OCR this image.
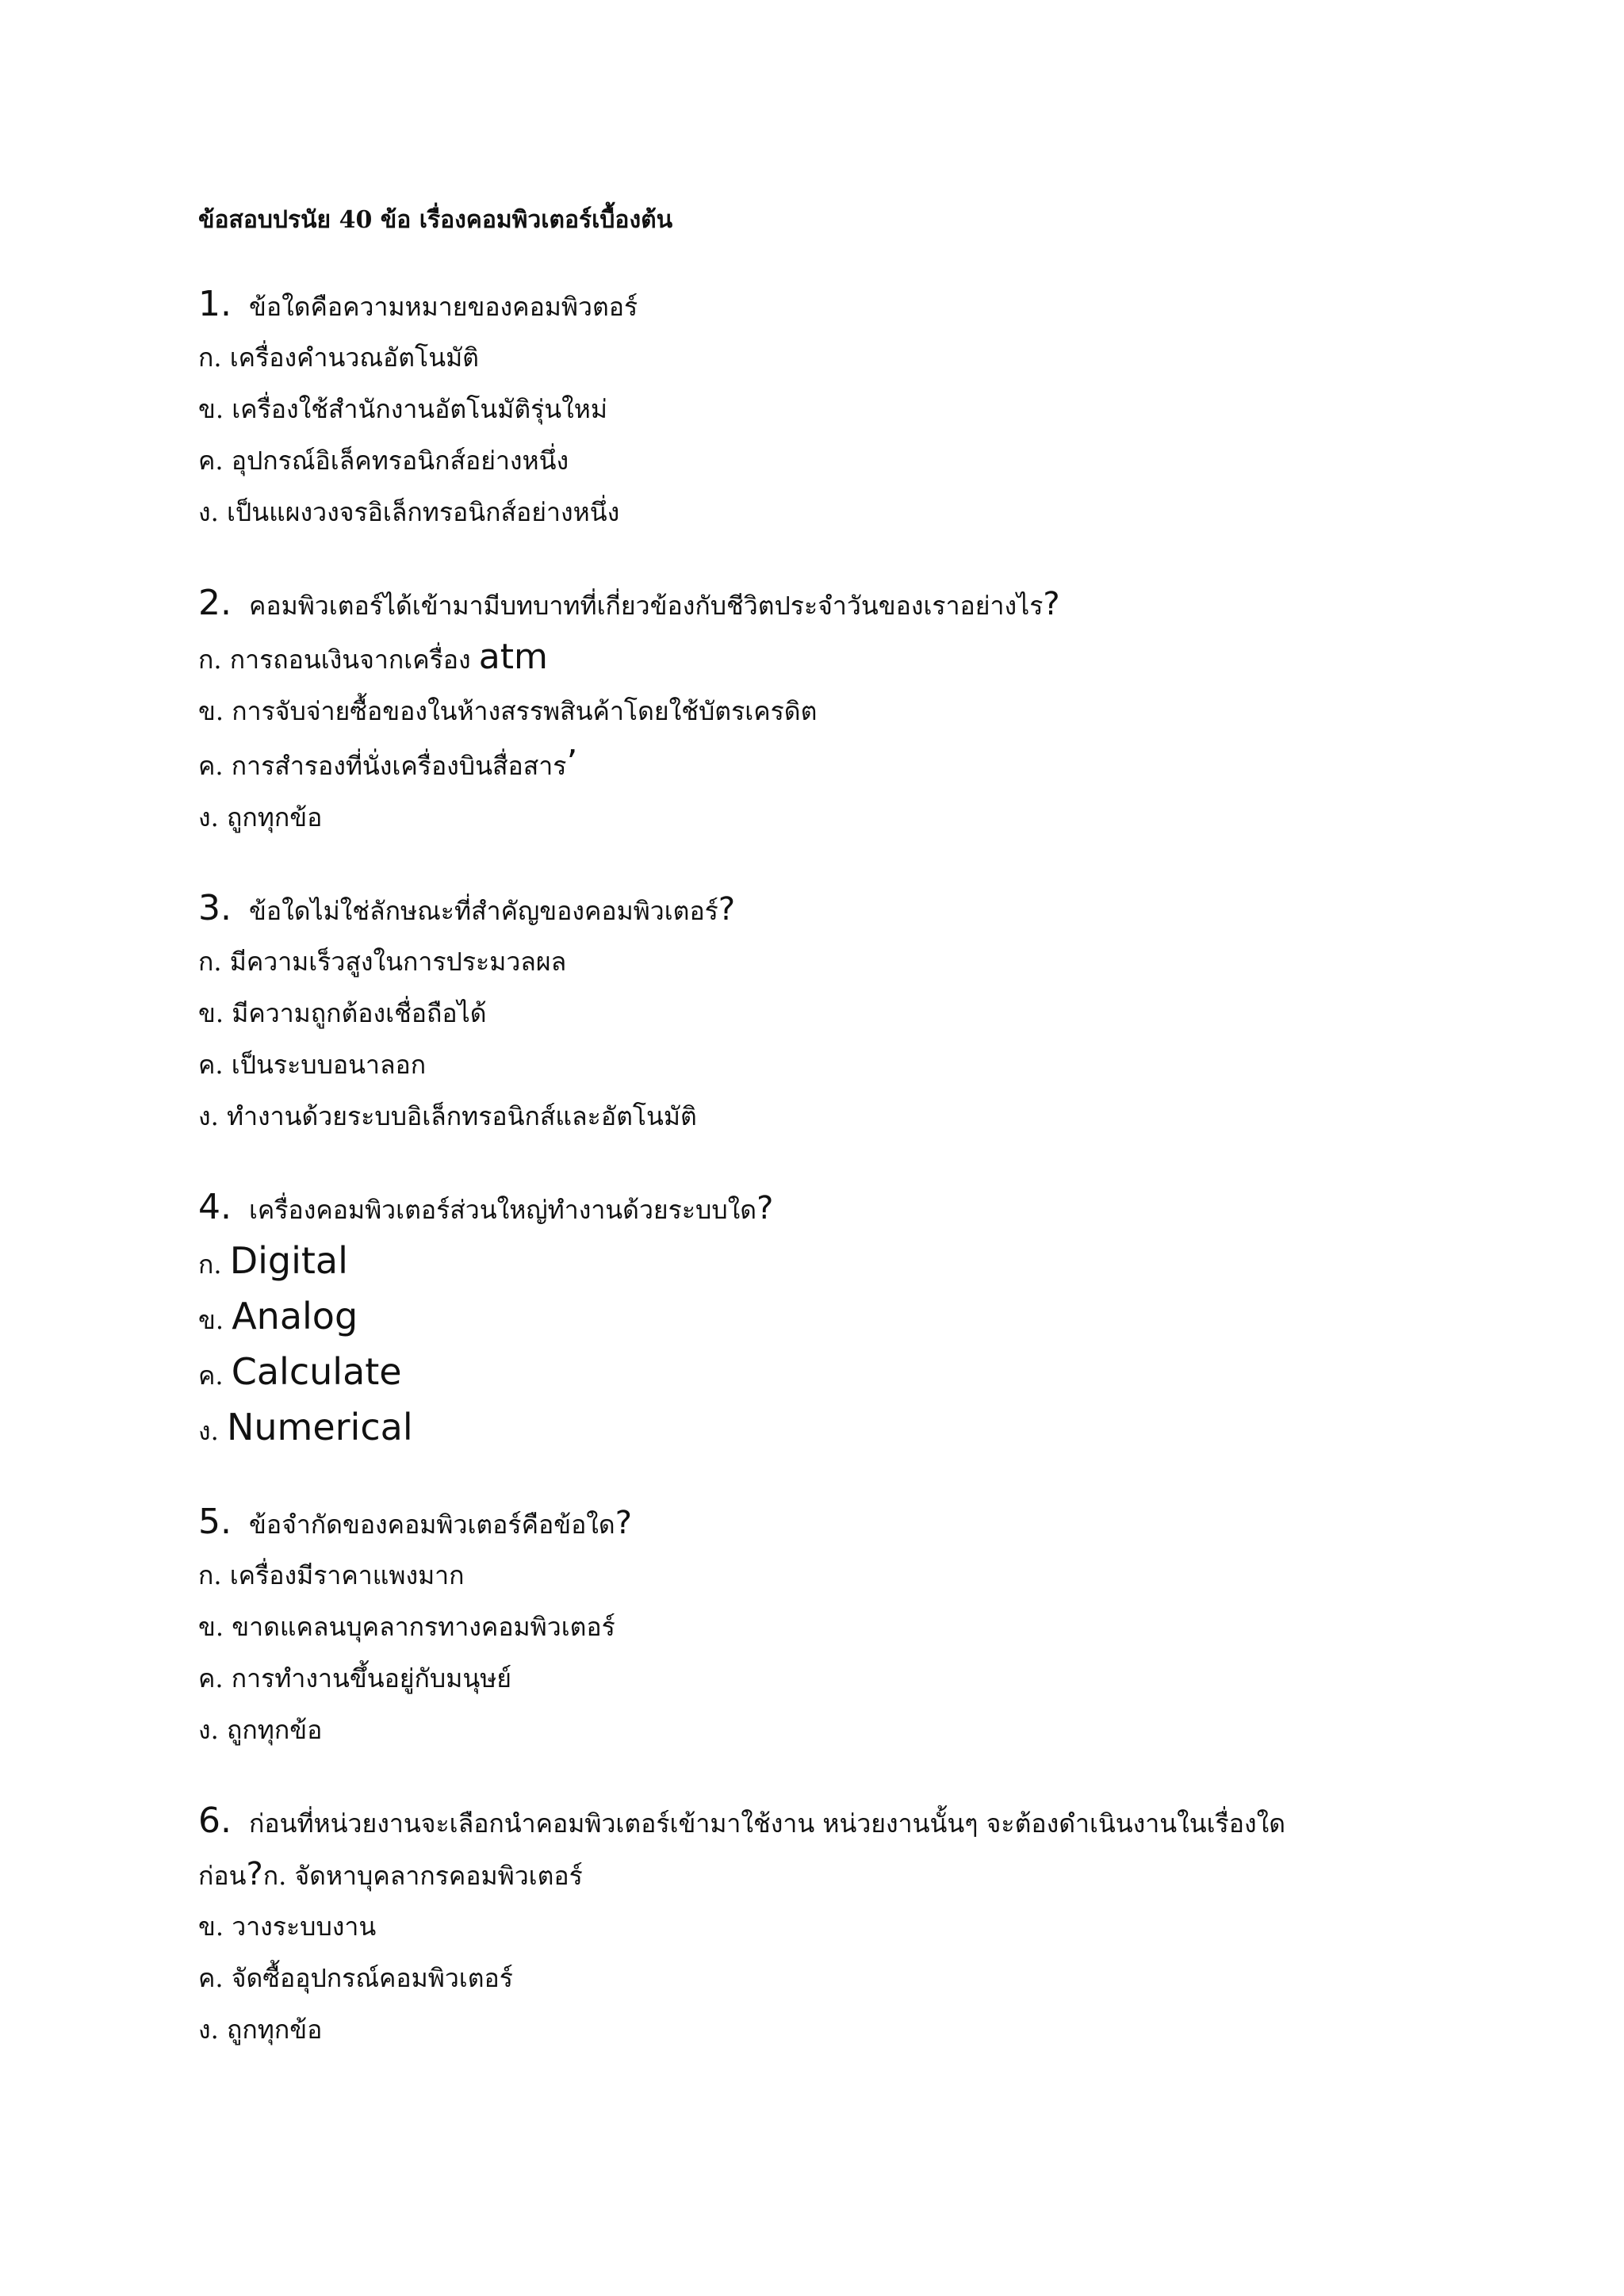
ข้อสอบปรนัย 40 ข้อ เรื่องคอมพิวเตอร์เบื้องต้น
1. ข้อใดคือความหมายของคอมพิวตอร์
ก. เครื่องคำนวณอัตโนมัติ
ข. เครื่องใช้สำนักงานอัตโนมัติรุ่นใหม่
ค. อุปกรณ์อิเล็คทรอนิกส์อย่างหนึ่ง
ง. เป็นแผงวงจรอิเล็กทรอนิกส์อย่างหนึ่ง
2. คอมพิวเตอร์ได้เข้ามามีบทบาทที่เกี่ยวข้องกับชีวิตประจำวันของเราอย่างไร?
ก. การถอนเงินจากเครื่อง atm
ข. การจับจ่ายซื้อของในห้างสรรพสินค้าโดยใช้บัตรเครดิต
ค. การสำรองที่นั่งเครื่องบินสื่อสาร’
ง. ถูกทุกข้อ
3. ข้อใดไม่ใช่ลักษณะที่สำคัญของคอมพิวเตอร์?
ก. มีความเร็วสูงในการประมวลผล
ข. มีความถูกต้องเชื่อถือได้
ค. เป็นระบบอนาลอก
ง. ทำงานด้วยระบบอิเล็กทรอนิกส์และอัตโนมัติ
4. เครื่องคอมพิวเตอร์ส่วนใหญ่ทำงานด้วยระบบใด?
ก. Digital
ข. Analog
ค. Calculate
ง. Numerical
5. ข้อจำกัดของคอมพิวเตอร์คือข้อใด?
ก. เครื่องมีราคาแพงมาก
ข. ขาดแคลนบุคลากรทางคอมพิวเตอร์
ค. การทำงานขึ้นอยู่กับมนุษย์
ง. ถูกทุกข้อ
6. ก่อนที่หน่วยงานจะเลือกนำคอมพิวเตอร์เข้ามาใช้งาน หน่วยงานนั้นๆ จะต้องดำเนินงานในเรื่องใดก่อน?ก. จัดหาบุคลากรคอมพิวเตอร์
ข. วางระบบงาน
ค. จัดซื้ออุปกรณ์คอมพิวเตอร์
ง. ถูกทุกข้อ
